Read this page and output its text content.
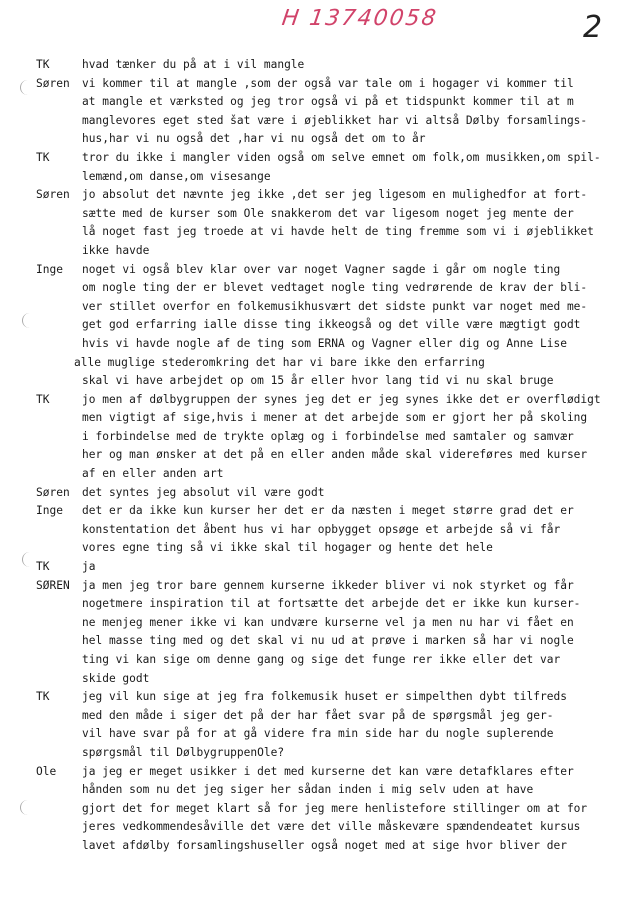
H 13740058	2
TK	hvad tænker du på at i vil mangle
Søren vi kommer til at mangle ,som der også var tale om i hogager vi kommer til
at mangle et værksted og jeg tror også vi på et tidspunkt kommer til at m
manglevores eget sted šat være i øjeblikket har vi altså Dølby forsamlings-
hus,har vi nu også det ,har vi nu også det om to år
TK	tror du ikke i mangler viden også om selve emnet om folk,om musikken,om spil-
lemænd,om danse,om visesange
Søren jo absolut det nævnte jeg ikke ,det ser jeg ligesom en mulighedfor at fort-
sætte med de kurser som Ole snakkerom det var ligesom noget jeg mente der
lå noget fast jeg troede at vi havde helt de ting fremme som vi i øjeblikket
ikke havde
Inge noget vi også blev klar over var noget Vagner sagde i går om nogle ting
om nogle ting der er blevet vedtaget nogle ting vedrørende de krav der bli-
ver stillet overfor en folkemusikhusvært det sidste punkt var noget med me-
get god erfarring ialle disse ting ikkeogså og det ville være mægtigt godt
hvis vi havde nogle af de ting som ERNA og Vagner eller dig og Anne Lise
alle muglige stederomkring det har vi bare ikke den erfarring
skal vi have arbejdet op om 15 år eller hvor lang tid vi nu skal bruge
TK	jo men af dølbygruppen der synes jeg det er jeg synes ikke det er overflødigt
men vigtigt af sige,hvis i mener at det arbejde som er gjort her på skoling
i forbindelse med de trykte oplæg og i forbindelse med samtaler og samvær
her og man ønsker at det på en eller anden måde skal videreføres med kurser
af en eller anden art
Søren det syntes jeg absolut vil være godt
Inge det er da ikke kun kurser her det er da næsten i meget større grad det er
konstentation det åbent hus vi har opbygget opsøge et arbejde så vi får
vores egne ting så vi ikke skal til hogager og hente det hele
TK	ja
SØREN ja men jeg tror bare gennem kurserne ikkeder bliver vi nok styrket og får
nogetmere inspiration til at fortsætte det arbejde det er ikke kun kurser-
ne menjeg mener ikke vi kan undvære kurserne vel ja men nu har vi fået en
hel masse ting med og det skal vi nu ud at prøve i marken så har vi nogle
ting vi kan sige om denne gang og sige det funge rer ikke eller det var
skide godt
TK	jeg vil kun sige at jeg fra folkemusik huset er simpelthen dybt tilfreds
med den måde i siger det på der har fået svar på de spørgsmål jeg ger-
vil have svar på for at gå videre fra min side har du nogle suplerende
spørgsmål til DølbygruppenOle?
Ole ja jeg er meget usikker i det med kurserne det kan være detafklares efter
hånden som nu det jeg siger her sådan inden i mig selv uden at have
gjort det for meget klart så for jeg mere henlistefore stillinger om at for
jeres vedkommendesåville det være det ville måskevære spændendeatet kursus
lavet afdølby forsamlingshuseller også noget med at sige hvor bliver der
